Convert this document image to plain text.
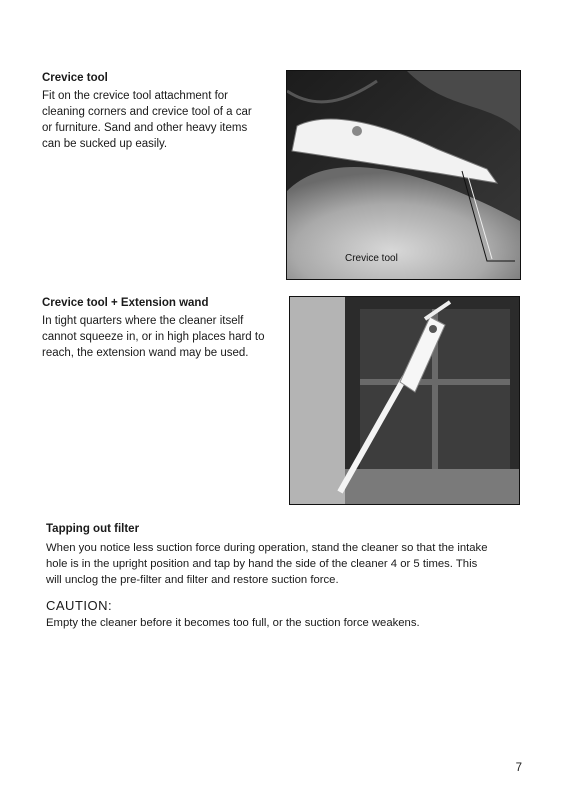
Crevice tool

Fit on the crevice tool attachment for

cleaning corners and crevice tool of a car

or furniture. Sand and other heavy items

can be sucked up easily.

Crevice tool
Crevice tool + Extension wand

In tight quarters where the cleaner itself

cannot squeeze in, or in high places hard to

reach, the extension wand may be used.

Tapping out filter

When you notice less suction force during operation, stand the cleaner so that the intake

hole is in the upright position and tap by hand the side of the cleaner 4 or 5 times. This

will unclog the pre-filter and filter and restore suction force.

CAUTION:

Empty the cleaner before it becomes too full, or the suction force weakens.

7
